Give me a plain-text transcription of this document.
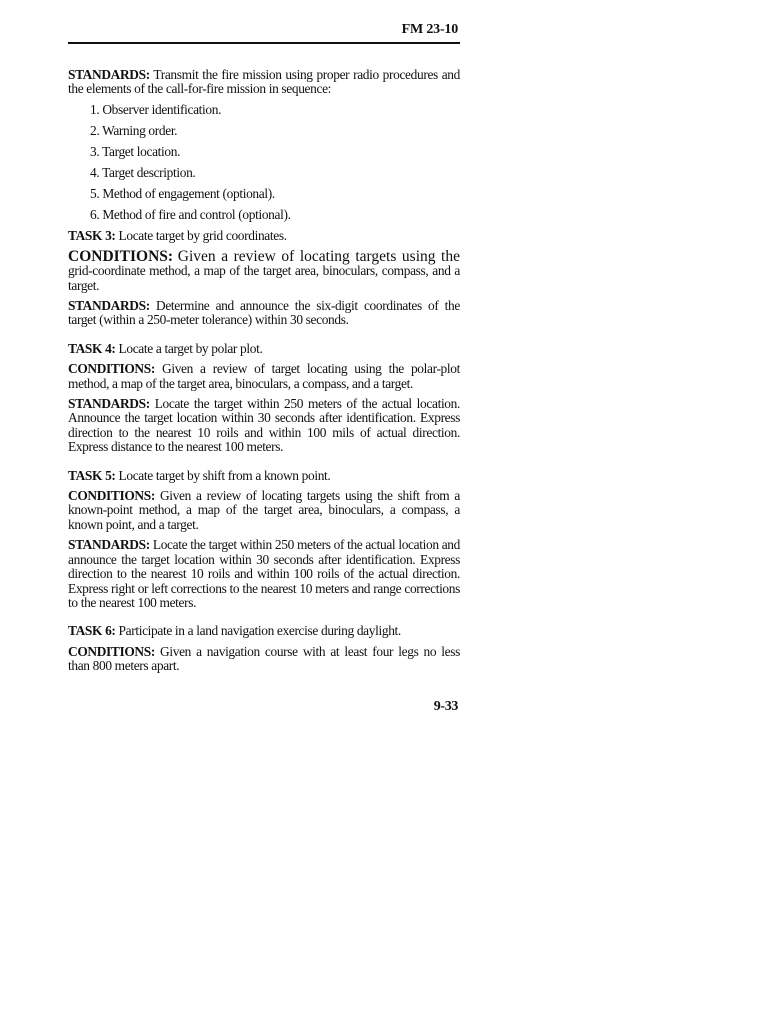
FM 23-10

STANDARDS: Transmit the fire mission using proper radio procedures and the elements of the call-for-fire mission in sequence:

1. Observer identification.
2. Warning order.
3. Target location.
4. Target description.
5. Method of engagement (optional).
6. Method of fire and control (optional).

TASK 3: Locate target by grid coordinates.

CONDITIONS: Given a review of locating targets using the grid-coordinate method, a map of the target area, binoculars, compass, and a target.

STANDARDS: Determine and announce the six-digit coordinates of the target (within a 250-meter tolerance) within 30 seconds.

TASK 4: Locate a target by polar plot.

CONDITIONS: Given a review of target locating using the polar-plot method, a map of the target area, binoculars, a compass, and a target.

STANDARDS: Locate the target within 250 meters of the actual location. Announce the target location within 30 seconds after identification. Express direction to the nearest 10 roils and within 100 mils of actual direction. Express distance to the nearest 100 meters.

TASK 5: Locate target by shift from a known point.

CONDITIONS: Given a review of locating targets using the shift from a known-point method, a map of the target area, binoculars, a compass, a known point, and a target.

STANDARDS: Locate the target within 250 meters of the actual location and announce the target location within 30 seconds after identification. Express direction to the nearest 10 roils and within 100 roils of the actual direction. Express right or left corrections to the nearest 10 meters and range corrections to the nearest 100 meters.

TASK 6: Participate in a land navigation exercise during daylight.

CONDITIONS: Given a navigation course with at least four legs no less than 800 meters apart.

9-33
